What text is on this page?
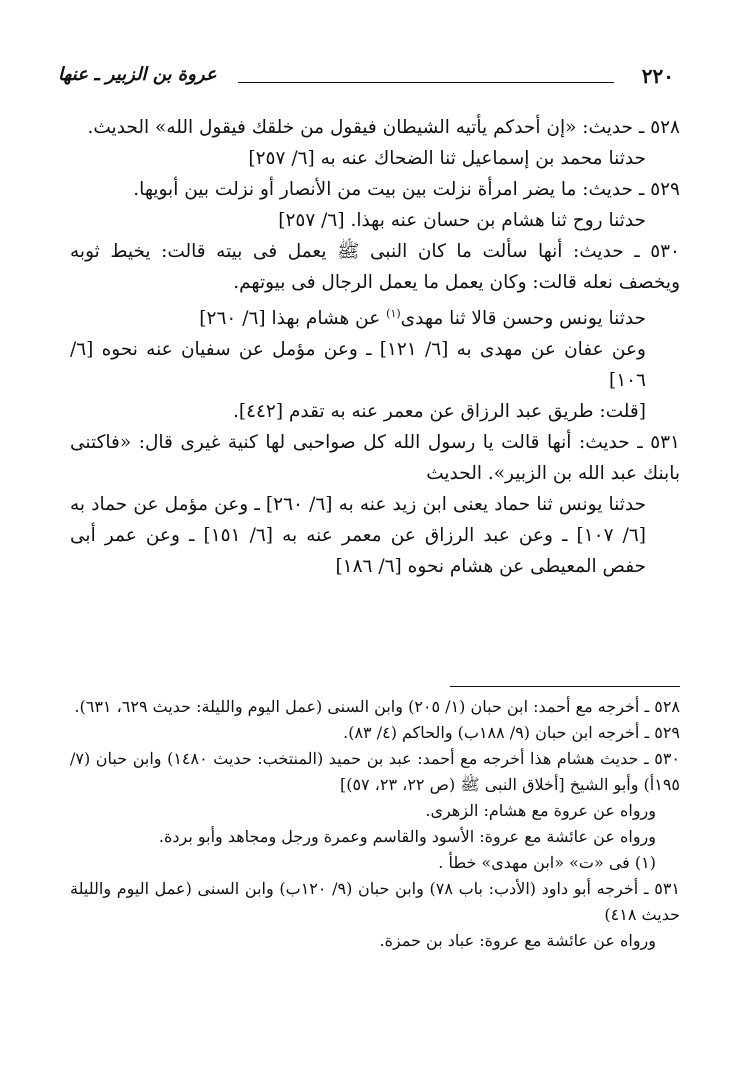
٢٢٠
عروة بن الزبير ـ عنها

٥٢٨ ـ حديث: «إن أحدكم يأتيه الشيطان فيقول من خلقك فيقول الله» الحديث.

حدثنا محمد بن إسماعيل ثنا الضحاك عنه به [٦/ ٢٥٧]

٥٢٩ ـ حديث: ما يضر امرأة نزلت بين بيت من الأنصار أو نزلت بين أبويها.

حدثنا روح ثنا هشام بن حسان عنه بهذا. [٦/ ٢٥٧]

٥٣٠ ـ حديث: أنها سألت ما كان النبى ﷺ يعمل فى بيته قالت: يخيط ثوبه ويخصف نعله قالت: وكان يعمل ما يعمل الرجال فى بيوتهم.

حدثنا يونس وحسن قالا ثنا مهدى$^{(١)}$ عن هشام بهذا [٦/ ٢٦٠]

وعن عفان عن مهدى به [٦/ ١٢١] ـ وعن مؤمل عن سفيان عنه نحوه [٦/ ١٠٦]

[قلت: طريق عبد الرزاق عن معمر عنه به تقدم [٤٤٢].

٥٣١ ـ حديث: أنها قالت يا رسول الله كل صواحبى لها كنية غيرى قال: «فاكتنى بابنك عبد الله بن الزبير». الحديث

حدثنا يونس ثنا حماد يعنى ابن زيد عنه به [٦/ ٢٦٠] ـ وعن مؤمل عن حماد به [٦/ ١٠٧] ـ وعن عبد الرزاق عن معمر عنه به [٦/ ١٥١] ـ وعن عمر أبى حفص المعيطى عن هشام نحوه [٦/ ١٨٦]

٥٢٨ ـ أخرجه مع أحمد: ابن حبان (١/ ٢٠٥) وابن السنى (عمل اليوم والليلة: حديث ٦٢٩، ٦٣١).

٥٢٩ ـ أخرجه ابن حبان (٩/ ١٨٨ب) والحاكم (٤/ ٨٣).

٥٣٠ ـ حديث هشام هذا أخرجه مع أحمد: عبد بن حميد (المنتخب: حديث ١٤٨٠) وابن حبان (٧/ ١٩٥أ) وأبو الشيخ [أخلاق النبى ﷺ (ص ٢٢، ٢٣، ٥٧)]

ورواه عن عروة مع هشام: الزهرى.

ورواه عن عائشة مع عروة: الأسود والقاسم وعمرة ورجل ومجاهد وأبو بردة.

(١) فى «ت» «ابن مهدى» خطأ .

٥٣١ ـ أخرجه أبو داود (الأدب: باب ٧٨) وابن حبان (٩/ ١٢٠ب) وابن السنى (عمل اليوم والليلة حديث ٤١٨)

ورواه عن عائشة مع عروة: عباد بن حمزة.
